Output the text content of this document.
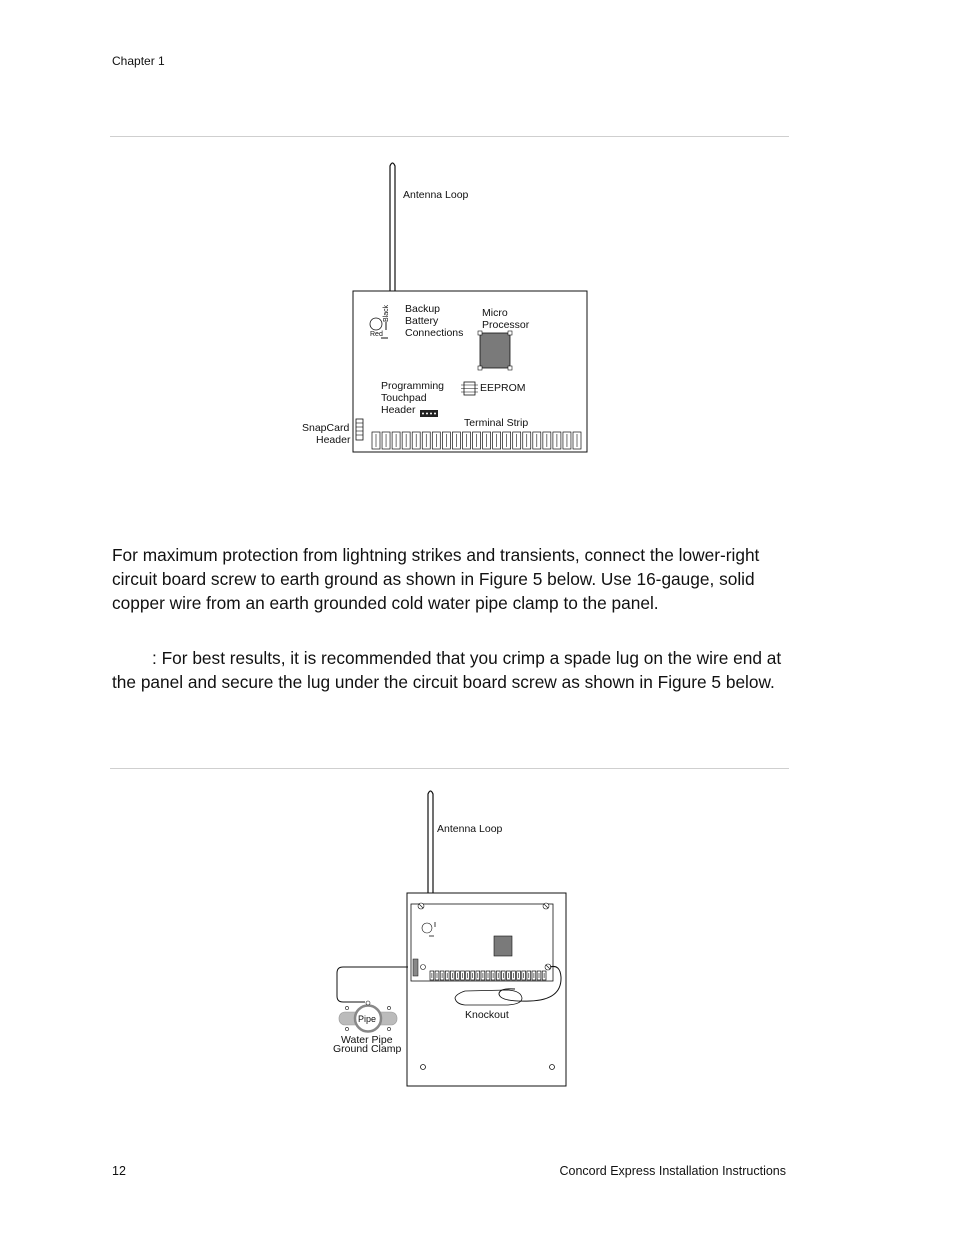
Chapter 1
Antenna Loop
Black
Red
Backup
Battery
Connections
Micro
Processor
Programming
Touchpad
Header
EEPROM
Terminal Strip
SnapCard
Header
For maximum protection from lightning strikes and transients, connect the lower-right circuit board screw to earth ground as shown in Figure 5 below. Use 16-gauge, solid copper wire from an earth grounded cold water pipe clamp to the panel.
: For best results, it is recommended that you crimp a spade lug on the wire end at the panel and secure the lug under the circuit board screw as shown in Figure 5 below.
Antenna Loop
Knockout
Pipe
Water Pipe
Ground Clamp
12	Concord Express Installation Instructions
